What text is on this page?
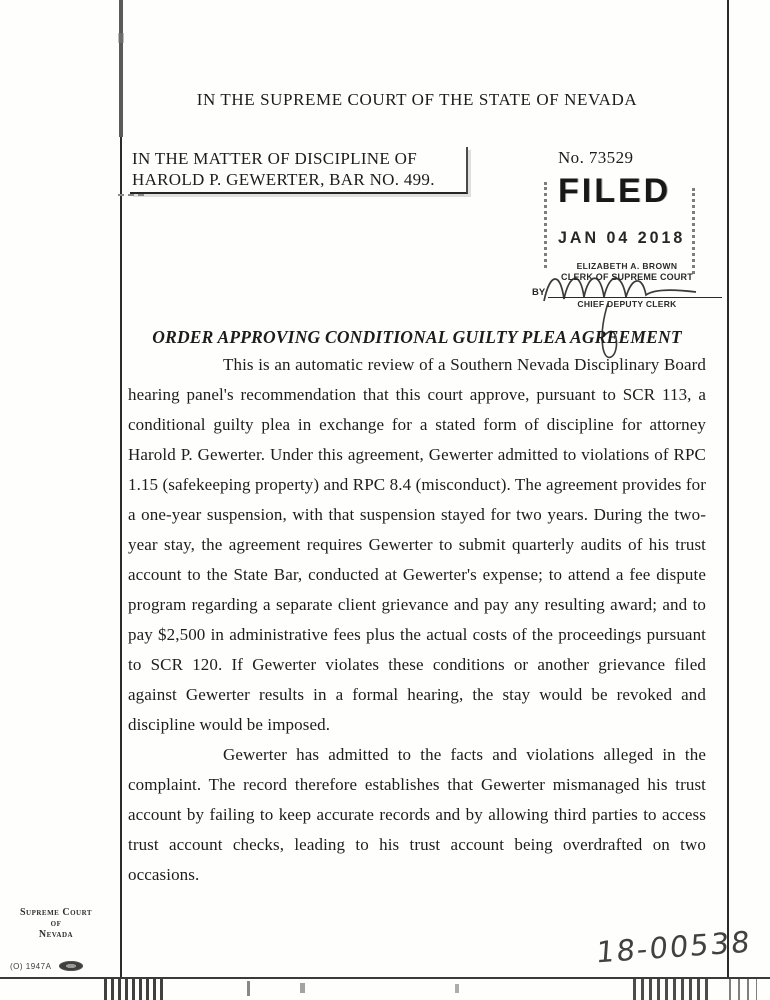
IN THE SUPREME COURT OF THE STATE OF NEVADA
IN THE MATTER OF DISCIPLINE OF
HAROLD P. GEWERTER, BAR NO. 499.
No. 73529
FILED
JAN 04 2018
ELIZABETH A. BROWN
CLERK OF SUPREME COURT
BY
CHIEF DEPUTY CLERK
ORDER APPROVING CONDITIONAL GUILTY PLEA AGREEMENT

This is an automatic review of a Southern Nevada Disciplinary Board hearing panel's recommendation that this court approve, pursuant to SCR 113, a conditional guilty plea in exchange for a stated form of discipline for attorney Harold P. Gewerter. Under this agreement, Gewerter admitted to violations of RPC 1.15 (safekeeping property) and RPC 8.4 (misconduct). The agreement provides for a one-year suspension, with that suspension stayed for two years. During the two-year stay, the agreement requires Gewerter to submit quarterly audits of his trust account to the State Bar, conducted at Gewerter's expense; to attend a fee dispute program regarding a separate client grievance and pay any resulting award; and to pay $2,500 in administrative fees plus the actual costs of the proceedings pursuant to SCR 120. If Gewerter violates these conditions or another grievance filed against Gewerter results in a formal hearing, the stay would be revoked and discipline would be imposed.

Gewerter has admitted to the facts and violations alleged in the complaint. The record therefore establishes that Gewerter mismanaged his trust account by failing to keep accurate records and by allowing third parties to access trust account checks, leading to his trust account being overdrafted on two occasions.

Supreme Court
of
Nevada
(O) 1947A	18-00538
